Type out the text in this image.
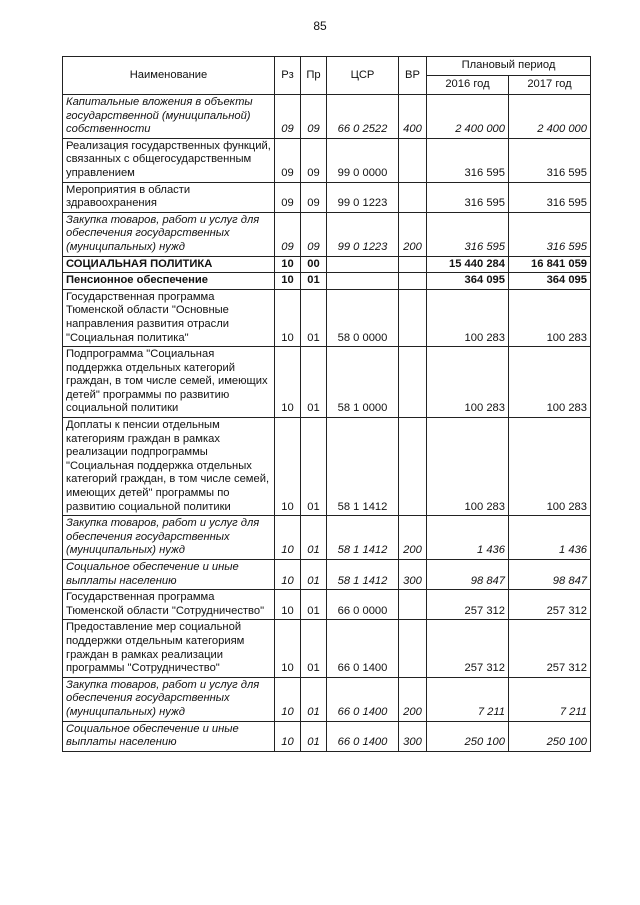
85
Наименование	Рз	Пр	ЦСР	ВР	Плановый период	
					2016 год	2017 год
Капитальные вложения в объекты государственной (муниципальной) собственности	09	09	66 0 2522	400	2 400 000	2 400 000
Реализация государственных функций, связанных с общегосударственным управлением	09	09	99 0 0000		316 595	316 595
Мероприятия в области здравоохранения	09	09	99 0 1223		316 595	316 595
Закупка товаров, работ и услуг для обеспечения государственных (муниципальных) нужд	09	09	99 0 1223	200	316 595	316 595
СОЦИАЛЬНАЯ ПОЛИТИКА	10	00			15 440 284	16 841 059
Пенсионное обеспечение	10	01			364 095	364 095
Государственная программа Тюменской области "Основные направления развития отрасли "Социальная политика"	10	01	58 0 0000		100 283	100 283
Подпрограмма "Социальная поддержка отдельных категорий граждан, в том числе семей, имеющих детей" программы по развитию социальной политики	10	01	58 1 0000		100 283	100 283
Доплаты к пенсии отдельным категориям граждан в рамках реализации подпрограммы "Социальная поддержка отдельных категорий граждан, в том числе семей, имеющих детей" программы по развитию социальной политики	10	01	58 1 1412		100 283	100 283
Закупка товаров, работ и услуг для обеспечения государственных (муниципальных) нужд	10	01	58 1 1412	200	1 436	1 436
Социальное обеспечение и иные выплаты населению	10	01	58 1 1412	300	98 847	98 847
Государственная программа Тюменской области "Сотрудничество"	10	01	66 0 0000		257 312	257 312
Предоставление мер социальной поддержки отдельным категориям граждан в рамках реализации программы "Сотрудничество"	10	01	66 0 1400		257 312	257 312
Закупка товаров, работ и услуг для обеспечения государственных (муниципальных) нужд	10	01	66 0 1400	200	7 211	7 211
Социальное обеспечение и иные выплаты населению	10	01	66 0 1400	300	250 100	250 100
